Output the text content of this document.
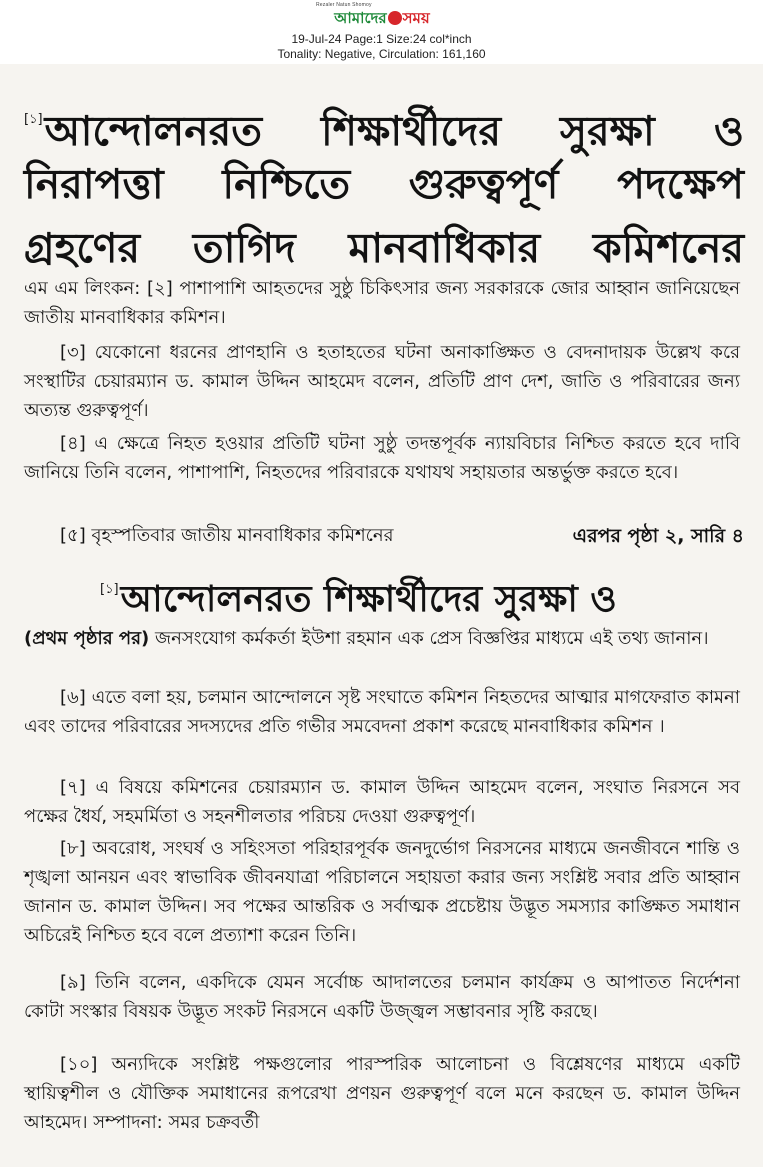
Rezaler Natun Shomoy
আমাদের সময়
19-Jul-24 Page:1 Size:24 col*inch
Tonality: Negative, Circulation: 161,160
[১]আন্দোলনরত শিক্ষার্থীদের সুরক্ষা ও
নিরাপত্তা নিশ্চিতে গুরুত্বপূর্ণ পদক্ষেপ
গ্রহণের তাগিদ মানবাধিকার কমিশনের
এম এম লিংকন: [২] পাশাপাশি আহতদের সুষ্ঠু চিকিৎসার জন্য সরকারকে জোর আহ্বান জানিয়েছেন জাতীয় মানবাধিকার কমিশন।
[৩] যেকোনো ধরনের প্রাণহানি ও হতাহতের ঘটনা অনাকাঙ্ক্ষিত ও বেদনাদায়ক উল্লেখ করে সংস্থাটির চেয়ারম্যান ড. কামাল উদ্দিন আহমেদ বলেন, প্রতিটি প্রাণ দেশ, জাতি ও পরিবারের জন্য অত্যন্ত গুরুত্বপূর্ণ।
[৪] এ ক্ষেত্রে নিহত হওয়ার প্রতিটি ঘটনা সুষ্ঠু তদন্তপূর্বক ন্যায়বিচার নিশ্চিত করতে হবে দাবি জানিয়ে তিনি বলেন, পাশাপাশি, নিহতদের পরিবারকে যথাযথ সহায়তার অন্তর্ভুক্ত করতে হবে।
[৫] বৃহস্পতিবার জাতীয় মানবাধিকার কমিশনের	এরপর পৃষ্ঠা ২, সারি ৪
[১]আন্দোলনরত শিক্ষার্থীদের সুরক্ষা ও
(প্রথম পৃষ্ঠার পর) জনসংযোগ কর্মকর্তা ইউশা রহমান এক প্রেস বিজ্ঞপ্তির মাধ্যমে এই তথ্য জানান।
[৬] এতে বলা হয়, চলমান আন্দোলনে সৃষ্ট সংঘাতে কমিশন নিহতদের আত্মার মাগফেরাত কামনা এবং তাদের পরিবারের সদস্যদের প্রতি গভীর সমবেদনা প্রকাশ করেছে মানবাধিকার কমিশন ।
[৭] এ বিষয়ে কমিশনের চেয়ারম্যান ড. কামাল উদ্দিন আহমেদ বলেন, সংঘাত নিরসনে সব পক্ষের ধৈর্য, সহমর্মিতা ও সহনশীলতার পরিচয় দেওয়া গুরুত্বপূর্ণ।
[৮] অবরোধ, সংঘর্ষ ও সহিংসতা পরিহারপূর্বক জনদুর্ভোগ নিরসনের মাধ্যমে জনজীবনে শান্তি ও শৃঙ্খলা আনয়ন এবং স্বাভাবিক জীবনযাত্রা পরিচালনে সহায়তা করার জন্য সংশ্লিষ্ট সবার প্রতি আহ্বান জানান ড. কামাল উদ্দিন। সব পক্ষের আন্তরিক ও সর্বাত্মক প্রচেষ্টায় উদ্ভূত সমস্যার কাঙ্ক্ষিত সমাধান অচিরেই নিশ্চিত হবে বলে প্রত্যাশা করেন তিনি।
[৯] তিনি বলেন, একদিকে যেমন সর্বোচ্চ আদালতের চলমান কার্যক্রম ও আপাতত নির্দেশনা কোটা সংস্কার বিষয়ক উদ্ভূত সংকট নিরসনে একটি উজ্জ্বল সম্ভাবনার সৃষ্টি করছে।
[১০] অন্যদিকে সংশ্লিষ্ট পক্ষগুলোর পারস্পরিক আলোচনা ও বিশ্লেষণের মাধ্যমে একটি স্থায়িত্বশীল ও যৌক্তিক সমাধানের রূপরেখা প্রণয়ন গুরুত্বপূর্ণ বলে মনে করছেন ড. কামাল উদ্দিন আহমেদ। সম্পাদনা: সমর চক্রবর্তী
